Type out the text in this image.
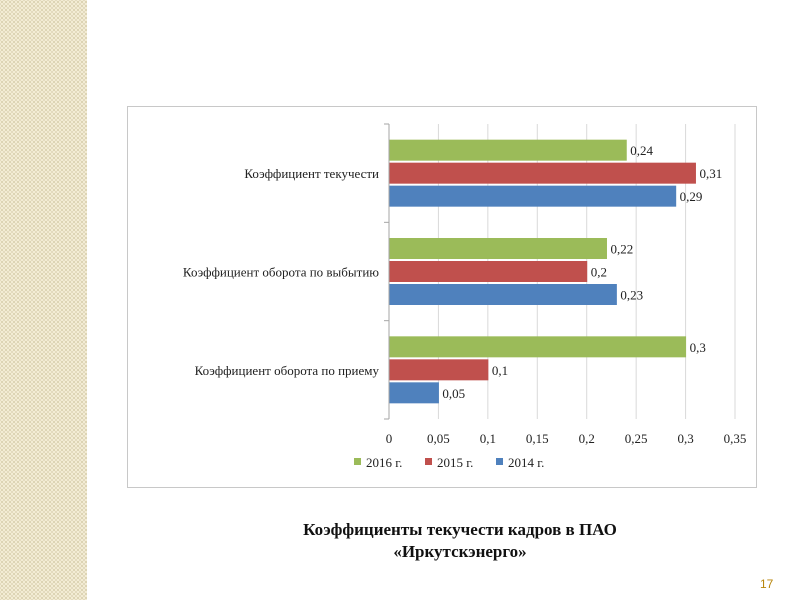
0,24
0,31
0,29
Коэффициент текучести
0,22
0,2
0,23
Коэффициент оборота по выбытию
0,3
0,1
0,05
Коэффициент оборота по приему
0	0,05 0,1 0,15 0,2 0,25 0,3 0,35
2016 г.	2015 г.	2014 г.
Коэффициенты текучести кадров в ПАО
«Иркутскэнерго»
17
